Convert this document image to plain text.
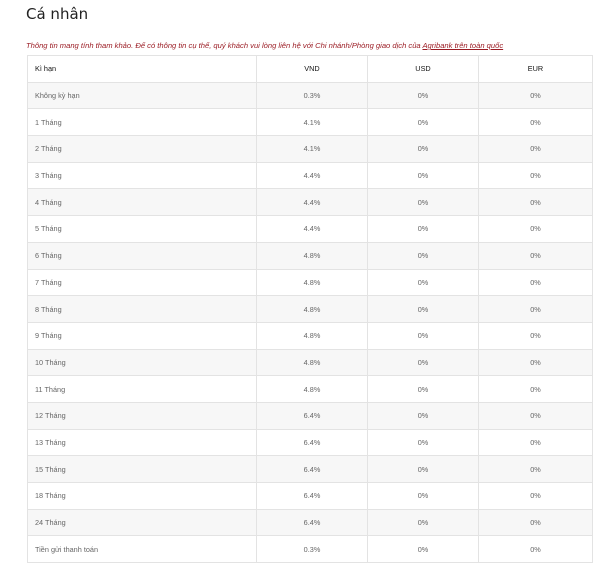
Cá nhân
Thông tin mang tính tham khảo. Để có thông tin cụ thể, quý khách vui lòng liên hệ với Chi nhánh/Phòng giao dịch của Agribank trên toàn quốc
Kì hạn	VND	USD	EUR
Không kỳ hạn	0.3%	0%	0%
1 Tháng	4.1%	0%	0%
2 Tháng	4.1%	0%	0%
3 Tháng	4.4%	0%	0%
4 Tháng	4.4%	0%	0%
5 Tháng	4.4%	0%	0%
6 Tháng	4.8%	0%	0%
7 Tháng	4.8%	0%	0%
8 Tháng	4.8%	0%	0%
9 Tháng	4.8%	0%	0%
10 Tháng	4.8%	0%	0%
11 Tháng	4.8%	0%	0%
12 Tháng	6.4%	0%	0%
13 Tháng	6.4%	0%	0%
15 Tháng	6.4%	0%	0%
18 Tháng	6.4%	0%	0%
24 Tháng	6.4%	0%	0%
Tiền gửi thanh toán	0.3%	0%	0%
